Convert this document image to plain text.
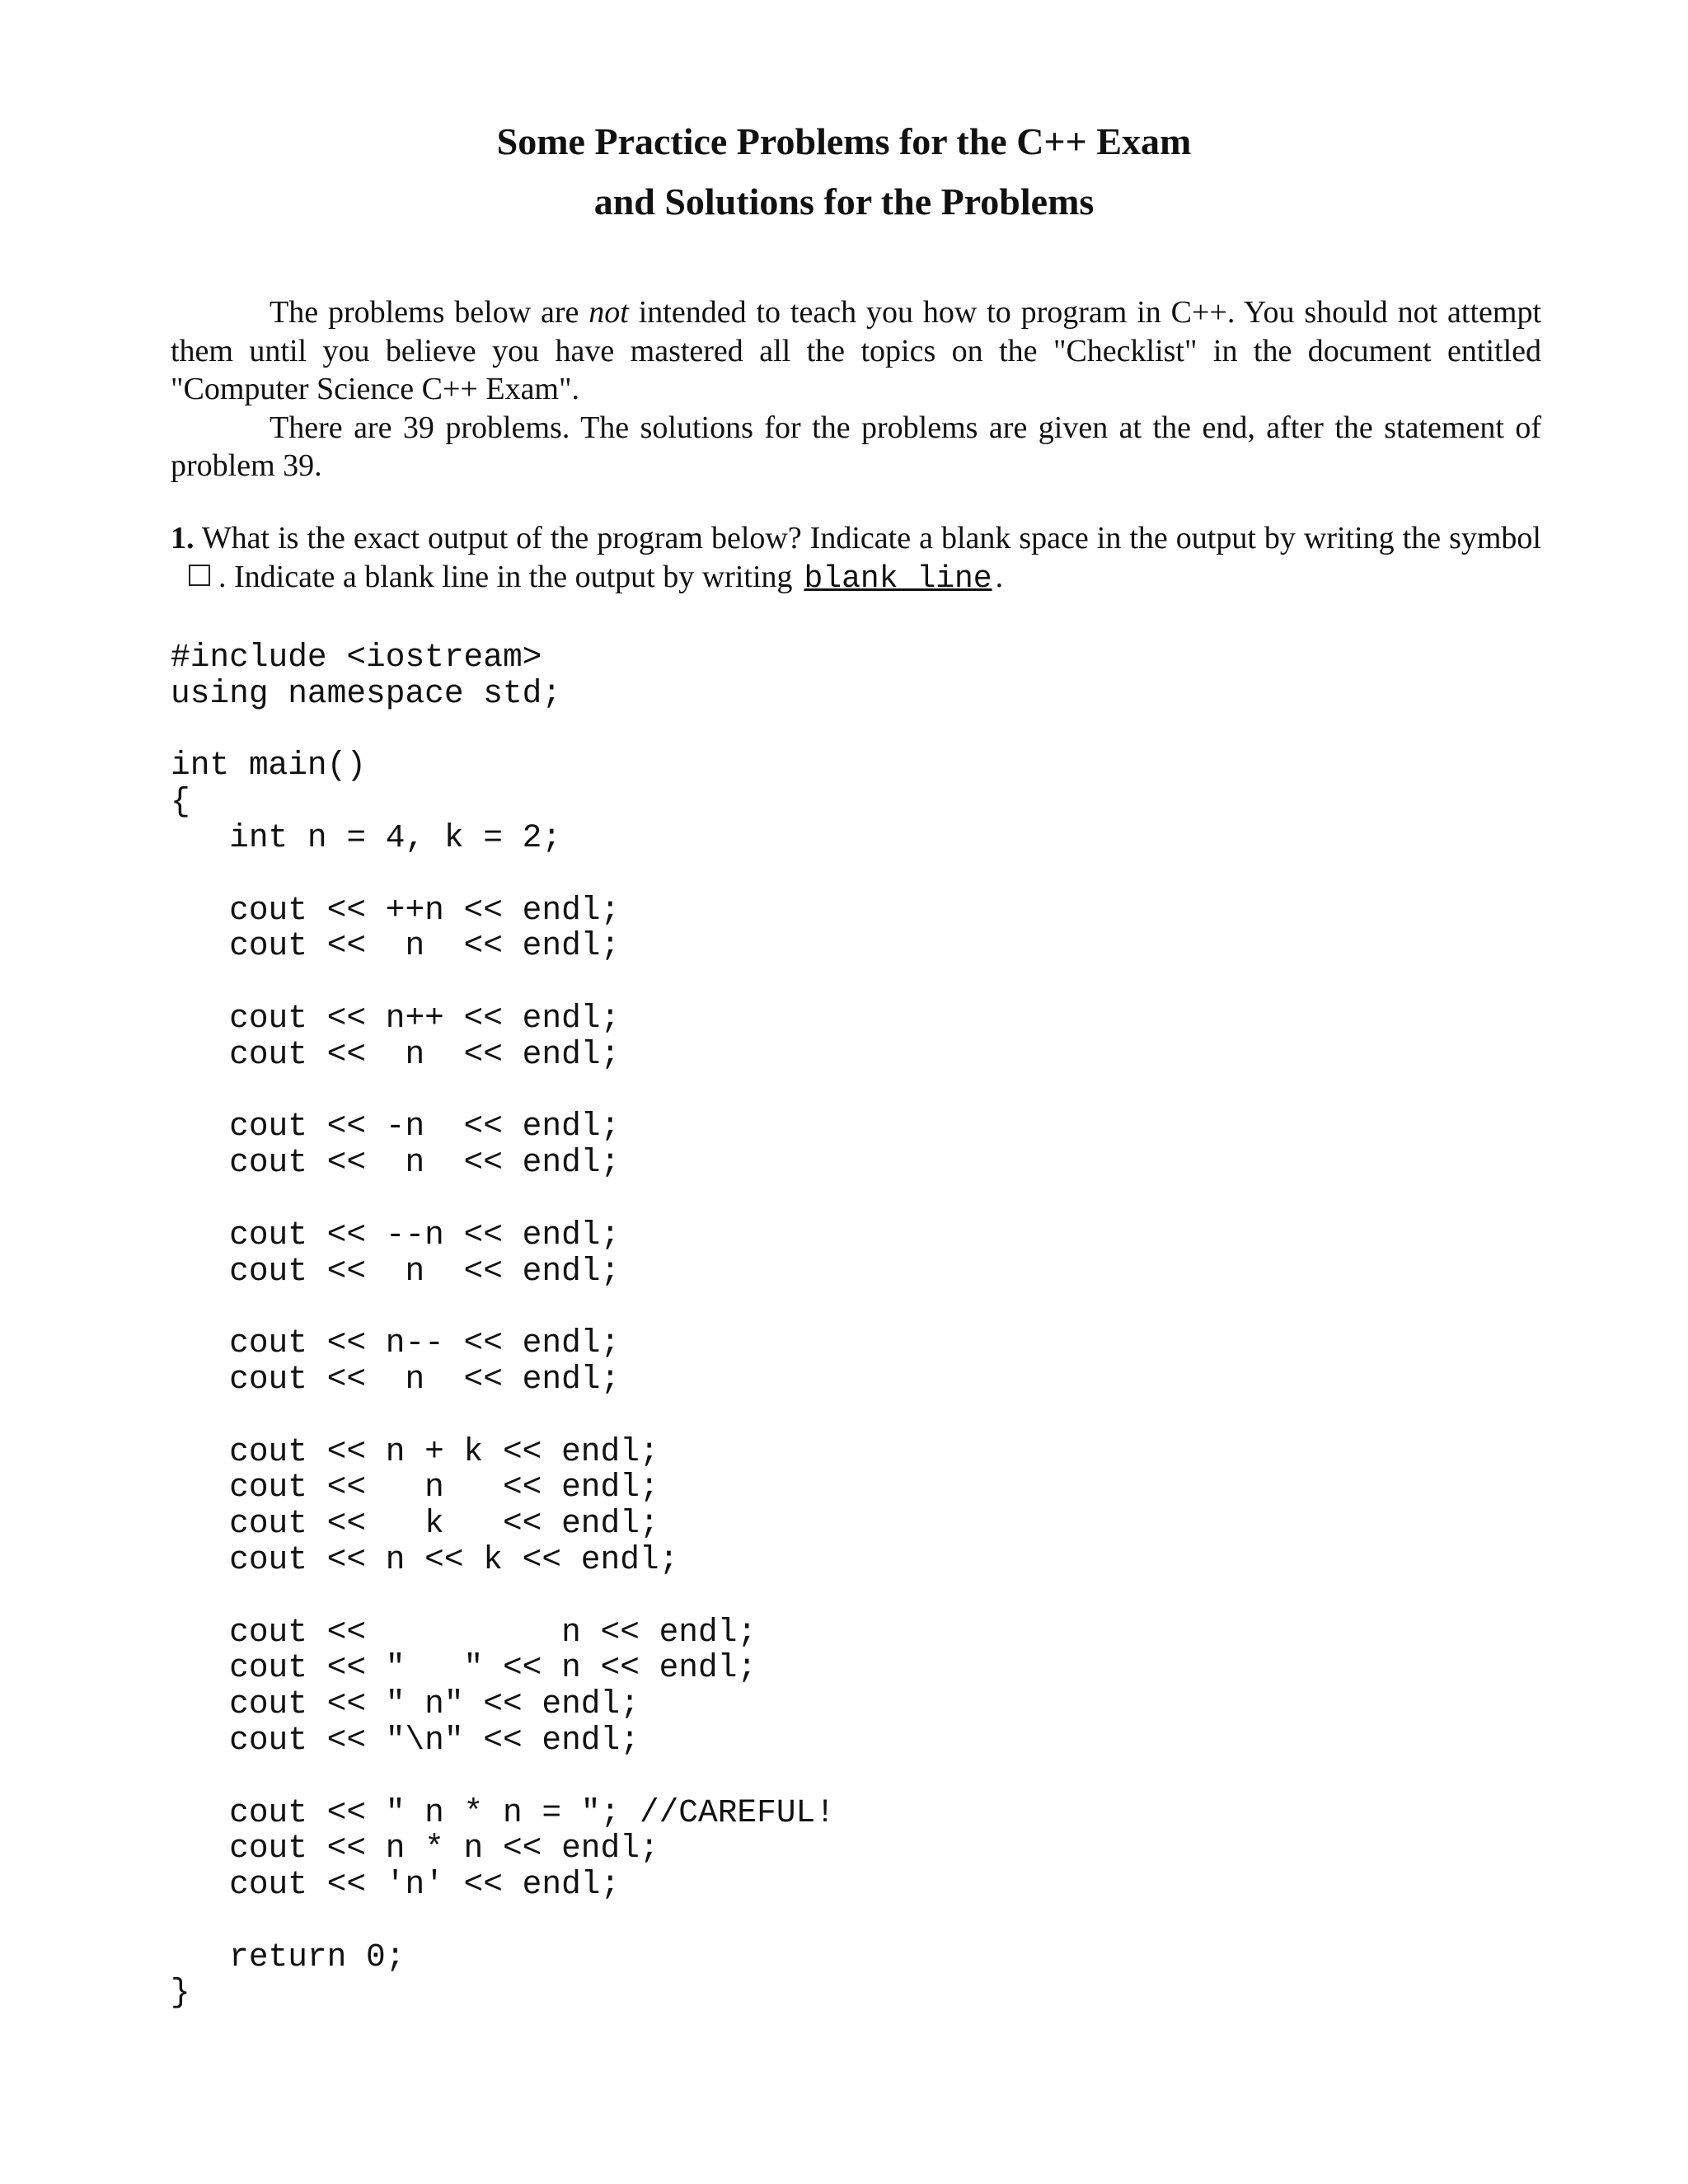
Some Practice Problems for the C++ Exam
and Solutions for the Problems

The problems below are not intended to teach you how to program in C++. You should not attempt them until you believe you have mastered all the topics on the "Checklist" in the document entitled "Computer Science C++ Exam".

There are 39 problems. The solutions for the problems are given at the end, after the statement of problem 39.

1. What is the exact output of the program below? Indicate a blank space in the output by writing the symbol. Indicate a blank line in the output by writing blank line .

#include <iostream>
using namespace std;

int main()
{
int n = 4, k = 2;

cout << ++n << endl;
cout <<  n  << endl;

cout << n++ << endl;
cout <<  n  << endl;

cout << -n  << endl;
cout <<  n  << endl;

cout << --n << endl;
cout <<  n  << endl;

cout << n-- << endl;
cout <<  n  << endl;

cout << n + k << endl;
cout <<   n   << endl;
cout <<   k   << endl;
cout << n << k << endl;

cout <<          n << endl;
cout << "   " << n << endl;
cout << " n" << endl;
cout << "\n" << endl;

cout << " n * n = "; //CAREFUL!
cout << n * n << endl;
cout << 'n' << endl;

return 0;
}
